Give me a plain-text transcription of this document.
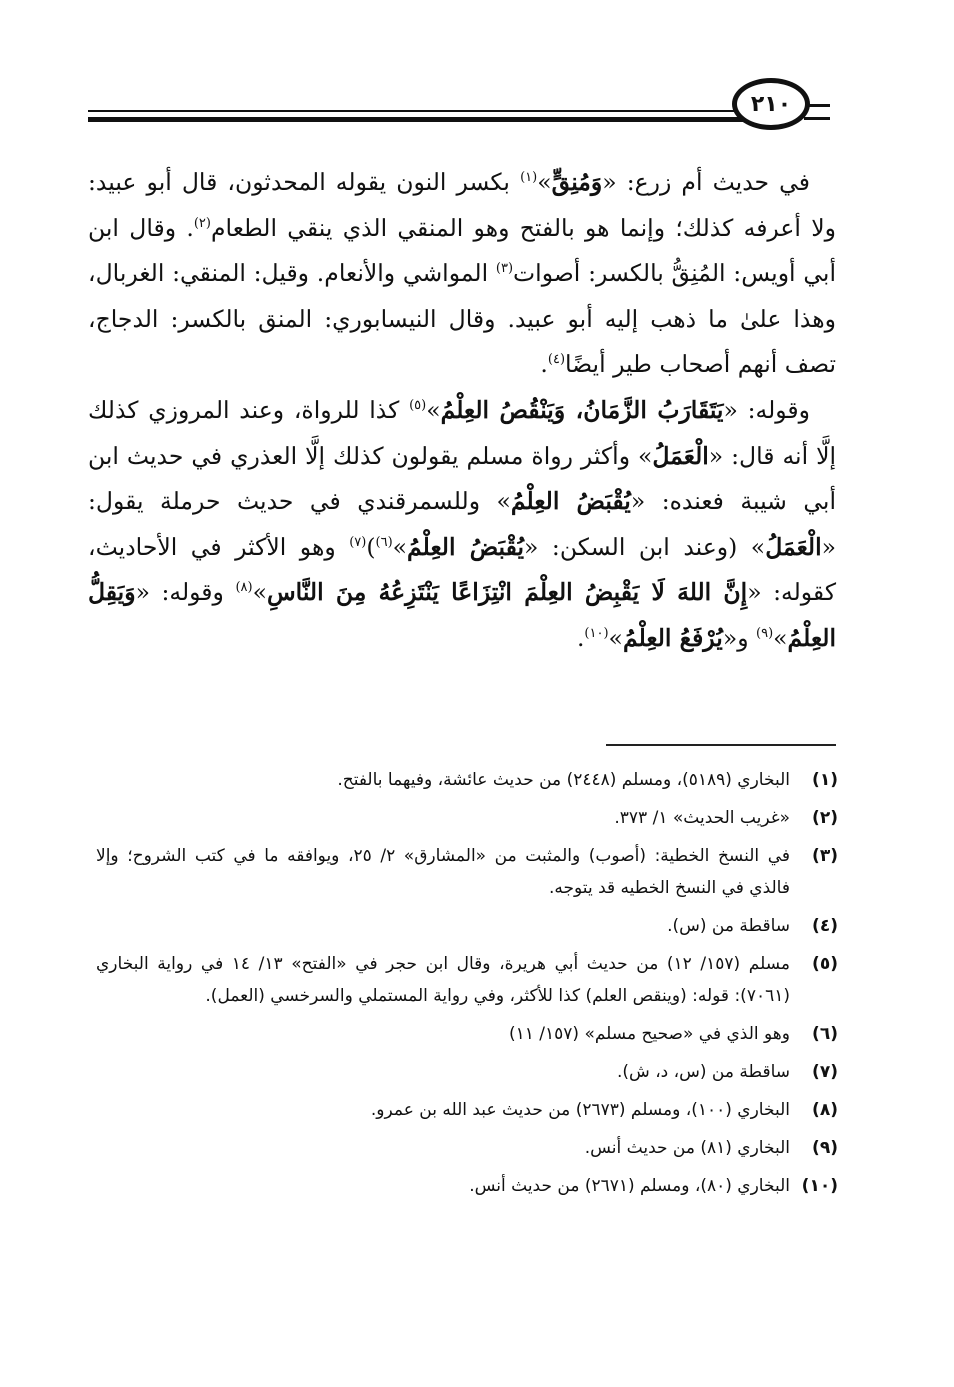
٢١٠

في حديث أم زرع: «وَمُنِقٍّ»$^{(١)}$ بكسر النون يقوله المحدثون، قال أبو عبيد: ولا أعرفه كذلك؛ وإنما هو بالفتح وهو المنقي الذي ينقي الطعام$^{(٢)}$. وقال ابن أبي أويس: المُنِقُّ بالكسر: أصوات$^{(٣)}$ المواشي والأنعام. وقيل: المنقي: الغربال، وهذا علىٰ ما ذهب إليه أبو عبيد. وقال النيسابوري: المنق بالكسر: الدجاج، تصف أنهم أصحاب طير أيضًا$^{(٤)}$.

وقوله: «يَتَقَارَبُ الزَّمَانُ، وَيَنْقُصُ العِلْمُ»$^{(٥)}$ كذا للرواة، وعند المروزي كذلك إلَّا أنه قال: «الْعَمَلُ» وأكثر رواة مسلم يقولون كذلك إلَّا العذري في حديث ابن أبي شيبة فعنده: «يُقْبَضُ العِلْمُ» وللسمرقندي في حديث حرملة يقول: «الْعَمَلُ» (وعند ابن السكن: «يُقْبَضُ العِلْمُ»$^{(٦)}$)$^{(٧)}$ وهو الأكثر في الأحاديث، كقوله: «إِنَّ اللهَ لَا يَقْبِضُ العِلْمَ انْتِزَاعًا يَنْتَزِعُهُ مِنَ النَّاسِ»$^{(٨)}$ وقوله: «وَيَقِلُّ العِلْمُ»$^{(٩)}$ و«يُرْفَعُ العِلْمُ»$^{(١٠)}$.

(١)
البخاري (٥١٨٩)، ومسلم (٢٤٤٨) من حديث عائشة، وفيهما بالفتح.
(٢)
«غريب الحديث» ١/ ٣٧٣.
(٣)
في النسخ الخطية: (أصوب) والمثبت من «المشارق» ٢/ ٢٥، ويوافقه ما في كتب الشروح؛ وإلا فالذي في النسخ الخطيه قد يتوجه.
(٤)
ساقطة من (س).
(٥)
مسلم (١٥٧/ ١٢) من حديث أبي هريرة، وقال ابن حجر في «الفتح» ١٣/ ١٤ في رواية البخاري (٧٠٦١): قوله: (وينقص العلم) كذا للأكثر، وفي رواية المستملي والسرخسي (العمل).
(٦)
وهو الذي في «صحيح مسلم» (١٥٧/ ١١)
(٧)
ساقطة من (س، د، ش).
(٨)
البخاري (١٠٠)، ومسلم (٢٦٧٣) من حديث عبد الله بن عمرو.
(٩)
البخاري (٨١) من حديث أنس.
(١٠)
البخاري (٨٠)، ومسلم (٢٦٧١) من حديث أنس.
